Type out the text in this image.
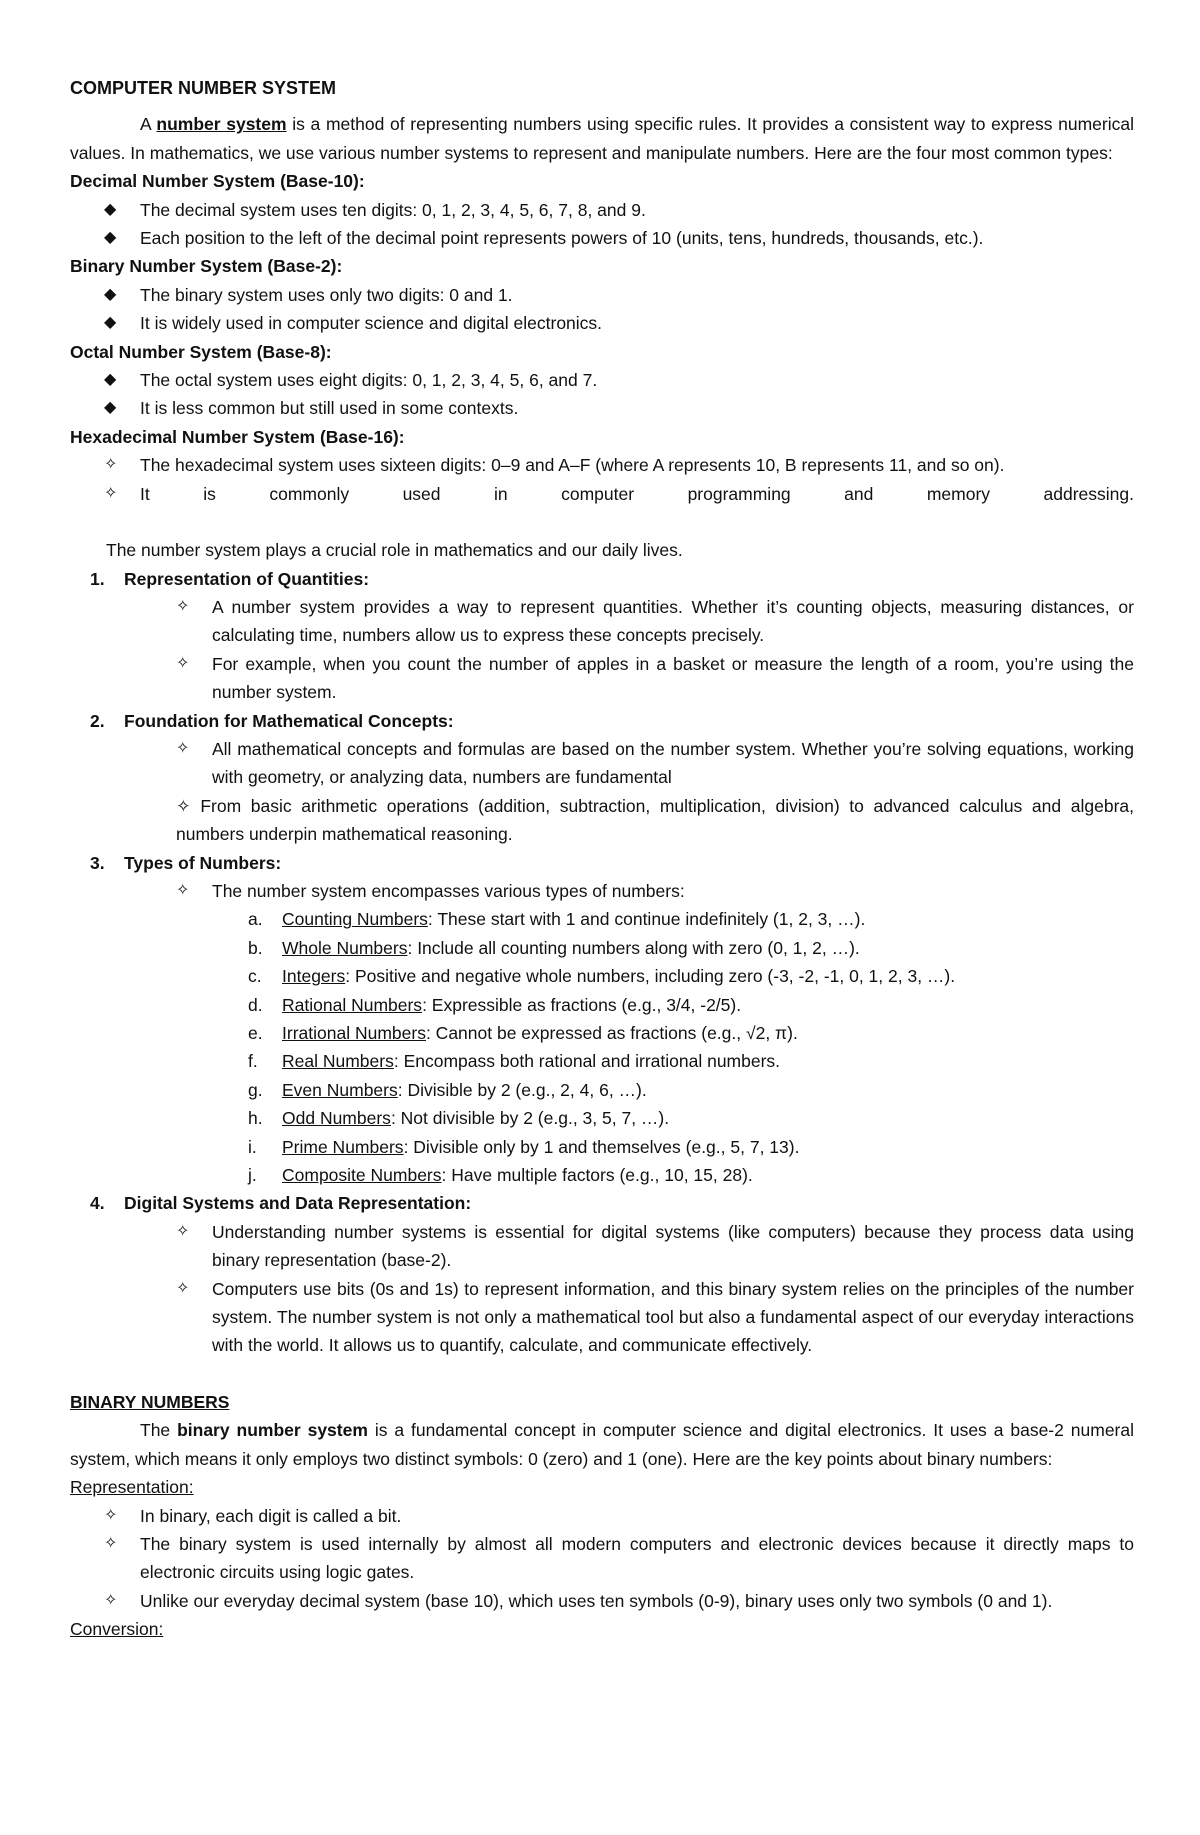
COMPUTER NUMBER SYSTEM

A number system is a method of representing numbers using specific rules. It provides a consistent way to express numerical values. In mathematics, we use various number systems to represent and manipulate numbers. Here are the four most common types:

Decimal Number System (Base-10):

◆ The decimal system uses ten digits: 0, 1, 2, 3, 4, 5, 6, 7, 8, and 9.

◆ Each position to the left of the decimal point represents powers of 10 (units, tens, hundreds, thousands, etc.).

Binary Number System (Base-2):

◆ The binary system uses only two digits: 0 and 1.

◆ It is widely used in computer science and digital electronics.

Octal Number System (Base-8):

◆ The octal system uses eight digits: 0, 1, 2, 3, 4, 5, 6, and 7.

◆ It is less common but still used in some contexts.

Hexadecimal Number System (Base-16):

✧ The hexadecimal system uses sixteen digits: 0–9 and A–F (where A represents 10, B represents 11, and so on).

✧ It is commonly used in computer programming and memory addressing.

The number system plays a crucial role in mathematics and our daily lives.

1. Representation of Quantities:

✧ A number system provides a way to represent quantities. Whether it’s counting objects, measuring distances, or calculating time, numbers allow us to express these concepts precisely.

✧ For example, when you count the number of apples in a basket or measure the length of a room, you’re using the number system.

2. Foundation for Mathematical Concepts:

✧ All mathematical concepts and formulas are based on the number system. Whether you’re solving equations, working with geometry, or analyzing data, numbers are fundamental

✧ From basic arithmetic operations (addition, subtraction, multiplication, division) to advanced calculus and algebra, numbers underpin mathematical reasoning.

3. Types of Numbers:

✧ The number system encompasses various types of numbers:

a. Counting Numbers: These start with 1 and continue indefinitely (1, 2, 3, …).

b. Whole Numbers: Include all counting numbers along with zero (0, 1, 2, …).

c. Integers: Positive and negative whole numbers, including zero (-3, -2, -1, 0, 1, 2, 3, …).

d. Rational Numbers: Expressible as fractions (e.g., 3/4, -2/5).

e. Irrational Numbers: Cannot be expressed as fractions (e.g., √2, π).

f. Real Numbers: Encompass both rational and irrational numbers.

g. Even Numbers: Divisible by 2 (e.g., 2, 4, 6, …).

h. Odd Numbers: Not divisible by 2 (e.g., 3, 5, 7, …).

i. Prime Numbers: Divisible only by 1 and themselves (e.g., 5, 7, 13).

j. Composite Numbers: Have multiple factors (e.g., 10, 15, 28).

4. Digital Systems and Data Representation:

✧ Understanding number systems is essential for digital systems (like computers) because they process data using binary representation (base-2).

✧ Computers use bits (0s and 1s) to represent information, and this binary system relies on the principles of the number system. The number system is not only a mathematical tool but also a fundamental aspect of our everyday interactions with the world. It allows us to quantify, calculate, and communicate effectively.

BINARY NUMBERS

The binary number system is a fundamental concept in computer science and digital electronics. It uses a base-2 numeral system, which means it only employs two distinct symbols: 0 (zero) and 1 (one). Here are the key points about binary numbers:

Representation:

✧ In binary, each digit is called a bit.

✧ The binary system is used internally by almost all modern computers and electronic devices because it directly maps to electronic circuits using logic gates.

✧ Unlike our everyday decimal system (base 10), which uses ten symbols (0-9), binary uses only two symbols (0 and 1).

Conversion:
